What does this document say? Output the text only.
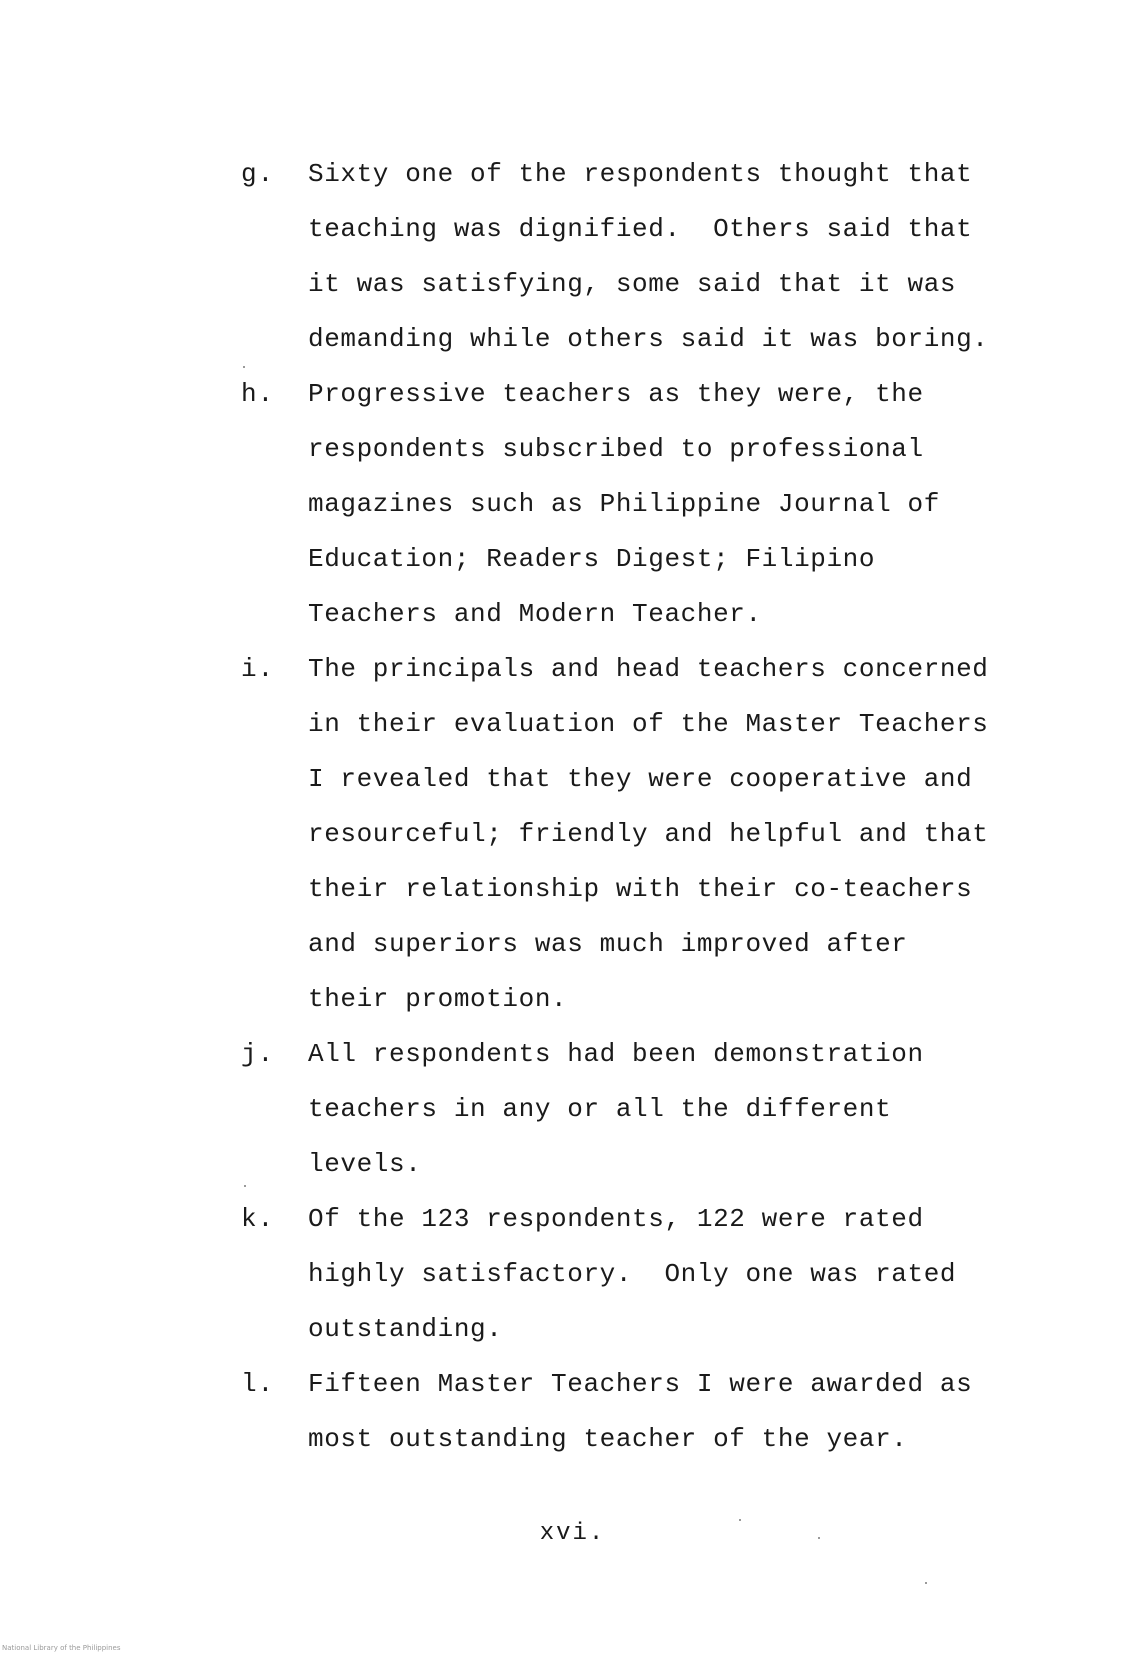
g. Sixty one of the respondents thought that
teaching was dignified.  Others said that
it was satisfying, some said that it was
demanding while others said it was boring.
h. Progressive teachers as they were, the
respondents subscribed to professional
magazines such as Philippine Journal of
Education; Readers Digest; Filipino
Teachers and Modern Teacher.
i. The principals and head teachers concerned
in their evaluation of the Master Teachers
I revealed that they were cooperative and
resourceful; friendly and helpful and that
their relationship with their co-teachers
and superiors was much improved after
their promotion.
j. All respondents had been demonstration
teachers in any or all the different
levels.
k. Of the 123 respondents, 122 were rated
highly satisfactory.  Only one was rated
outstanding.
l. Fifteen Master Teachers I were awarded as
most outstanding teacher of the year.
xvi.
National Library of the Philippines
